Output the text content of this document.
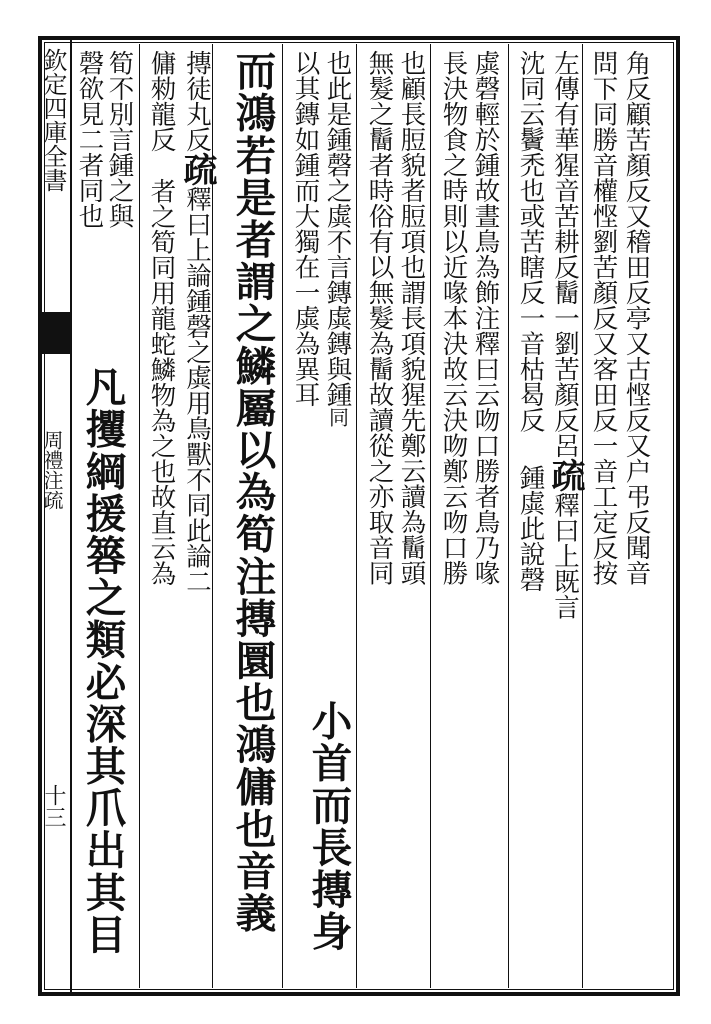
欽定四庫全書
周禮注疏
十三
角反顧苦顏反又稽田反亭又古悭反又户弔反聞音
問下同勝音權悭劉苦顏反又客田反一音工定反按
左傳有華猩音苦耕反鬝一劉苦顏反呂疏釋曰上既言
沈同云鬢禿也或苦瞎反一音枯曷反鍾虡此說磬
虡磬輕於鍾故晝鳥為飾注釋曰云吻口勝者鳥乃喙
長決物食之時則以近喙本決故云決吻鄭云吻口勝
也顧長脰貌者脰項也謂長項貌猩先鄭云讀為鬝頭
無髮之鬝者時俗有以無髮為鬝故讀從之亦取音同
也此是鍾磬之虡不言鏄虡鏄與鍾同
以其鏄如鍾而大獨在一虡為異耳
小首而長摶身
而鴻若是者謂之鱗屬以為筍注摶圜也鴻傭也音義
摶徒丸反疏釋曰上論鍾磬之虡用鳥獸不同此論二
傭勑龍反者之筍同用龍蛇鱗物為之也故直云為
筍不別言鍾之與
磬欲見二者同也
凡攫綱援簭之類必深其爪出其目
